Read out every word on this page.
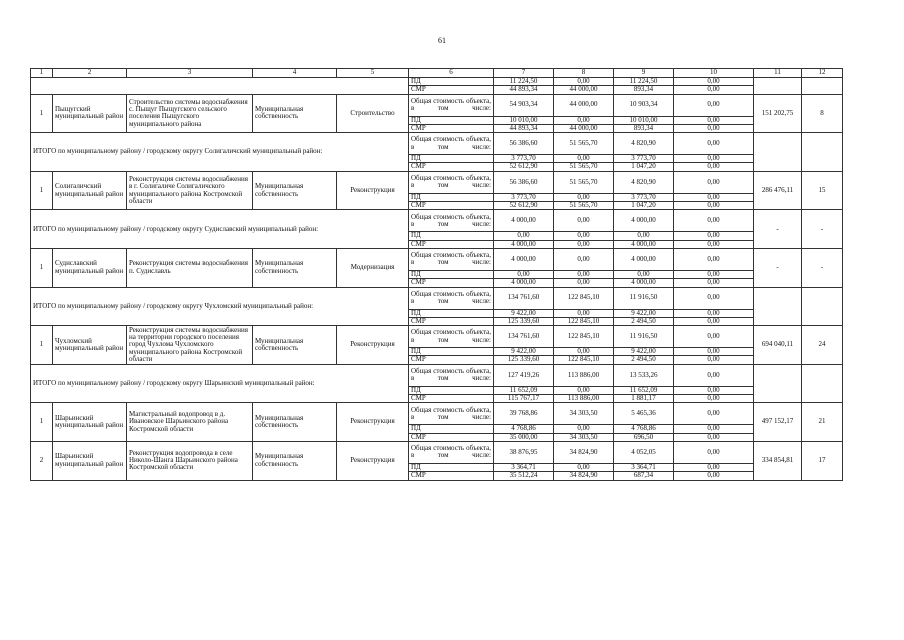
61
1	2	3	4	5	6	7	8	9	10	11	12
					ПД	11 224,50	0,00	11 224,50	0,00		
					СМР	44 893,34	44 000,00	893,34	0,00		
1	Пыщугский муниципальный район	Строительство системы водоснабжения с. Пыщуг Пыщугского сельского поселения Пыщугского муниципального района	Муниципальная собственность	Строительство	Общая стоимость объекта, в том числе:	54 903,34	44 000,00	10 903,34	0,00	151 202,75	8
					ПД	10 010,00	0,00	10 010,00	0,00		
					СМР	44 893,34	44 000,00	893,34	0,00		
ИТОГО по муниципальному району / городскому округу Солигаличский муниципальный район:					Общая стоимость объекта, в том числе:	56 386,60	51 565,70	4 820,90	0,00		
					ПД	3 773,70	0,00	3 773,70	0,00		
					СМР	52 612,90	51 565,70	1 047,20	0,00		
1	Солигаличский муниципальный район	Реконструкция системы водоснабжения в г. Солигаличе Солигаличского муниципального района Костромской области	Муниципальная собственность	Реконструкция	Общая стоимость объекта, в том числе:	56 386,60	51 565,70	4 820,90	0,00	286 476,11	15
					ПД	3 773,70	0,00	3 773,70	0,00		
					СМР	52 612,90	51 565,70	1 047,20	0,00		
ИТОГО по муниципальному району / городскому округу Судиславский муниципальный район:					Общая стоимость объекта, в том числе:	4 000,00	0,00	4 000,00	0,00	-	-
					ПД	0,00	0,00	0,00	0,00		
					СМР	4 000,00	0,00	4 000,00	0,00		
1	Судиславский муниципальный район	Реконструкция системы водоснабжения п. Судиславль	Муниципальная собственность	Модернизация	Общая стоимость объекта, в том числе:	4 000,00	0,00	4 000,00	0,00	-	-
					ПД	0,00	0,00	0,00	0,00		
					СМР	4 000,00	0,00	4 000,00	0,00		
ИТОГО по муниципальному району / городскому округу Чухломский муниципальный район:					Общая стоимость объекта, в том числе:	134 761,60	122 845,10	11 916,50	0,00		
					ПД	9 422,00	0,00	9 422,00	0,00		
					СМР	125 339,60	122 845,10	2 494,50	0,00		
1	Чухломский муниципальный район	Реконструкция системы водоснабжения на территории городского поселения город Чухлома Чухломского муниципального района Костромской области	Муниципальная собственность	Реконструкция	Общая стоимость объекта, в том числе:	134 761,60	122 845,10	11 916,50	0,00	694 040,11	24
					ПД	9 422,00	0,00	9 422,00	0,00		
					СМР	125 339,60	122 845,10	2 494,50	0,00		
ИТОГО по муниципальному району / городскому округу Шарьинский муниципальный район:					Общая стоимость объекта, в том числе:	127 419,26	113 886,00	13 533,26	0,00		
					ПД	11 652,09	0,00	11 652,09	0,00		
					СМР	115 767,17	113 886,00	1 881,17	0,00		
1	Шарьинский муниципальный район	Магистральный водопровод в д. Ивановское Шарьинского района Костромской области	Муниципальная собственность	Реконструкция	Общая стоимость объекта, в том числе:	39 768,86	34 303,50	5 465,36	0,00	497 152,17	21
					ПД	4 768,86	0,00	4 768,86	0,00		
					СМР	35 000,00	34 303,50	696,50	0,00		
2	Шарьинский муниципальный район	Реконструкция водопровода в селе Николо-Шанга Шарьинского района Костромской области	Муниципальная собственность	Реконструкция	Общая стоимость объекта, в том числе:	38 876,95	34 824,90	4 052,05	0,00	334 854,81	17
					ПД	3 364,71	0,00	3 364,71	0,00		
					СМР	35 512,24	34 824,90	687,34	0,00		
